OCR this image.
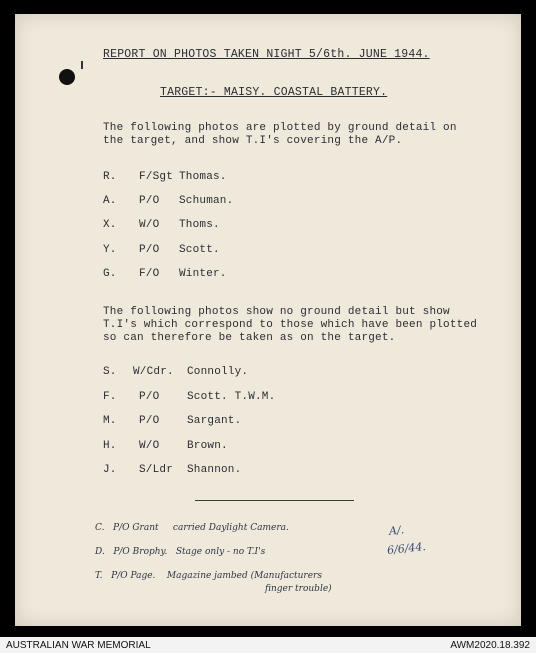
REPORT ON PHOTOS TAKEN NIGHT 5/6th. JUNE 1944.
TARGET:- MAISY. COASTAL BATTERY.
The following photos are plotted by ground detail on
the target, and show T.I's covering the A/P.
R. F/Sgt Thomas.
A. P/O Schuman.
X. W/O Thoms.
Y. P/O Scott.
G. F/O Winter.
The following photos show no ground detail but show
T.I's which correspond to those which have been plotted
so can therefore be taken as on the target.
S. W/Cdr. Connolly.
F. P/O	Scott. T.W.M.
M. P/O	Sargant.
H. W/O	Brown.
J. S/Ldr Shannon.
C.   P/O Grant     carried Daylight Camera.
D.   P/O Brophy.   Stage only - no T.I's
T.   P/O Page.    Magazine jambed (Manufacturers
finger trouble)
A/.
6/6/44.
AUSTRALIAN WAR MEMORIAL	AWM2020.18.392
